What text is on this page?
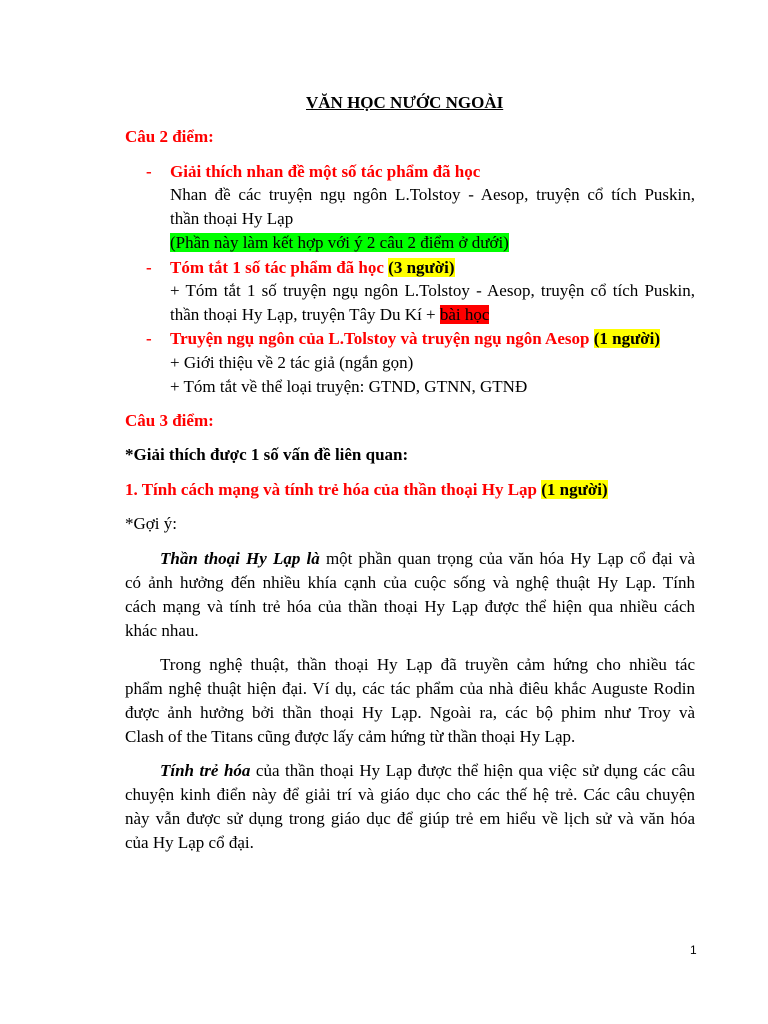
VĂN HỌC NƯỚC NGOÀI
Câu 2 điểm:
- Giải thích nhan đề một số tác phẩm đã học
Nhan đề các truyện ngụ ngôn L.Tolstoy - Aesop, truyện cổ tích Puskin,
thần thoại Hy Lạp
(Phần này làm kết hợp với ý 2 câu 2 điểm ở dưới)
- Tóm tắt 1 số tác phẩm đã học (3 người)
+ Tóm tắt 1 số truyện ngụ ngôn L.Tolstoy - Aesop, truyện cổ tích Puskin,
thần thoại Hy Lạp, truyện Tây Du Kí + bài học
- Truyện ngụ ngôn của L.Tolstoy và truyện ngụ ngôn Aesop (1 người)
+ Giới thiệu về 2 tác giả (ngắn gọn)
+ Tóm tắt về thể loại truyện: GTND, GTNN, GTNĐ
Câu 3 điểm:
*Giải thích được 1 số vấn đề liên quan:
1. Tính cách mạng và tính trẻ hóa của thần thoại Hy Lạp (1 người)
*Gợi ý:
Thần thoại Hy Lạp là một phần quan trọng của văn hóa Hy Lạp cổ đại và
có ảnh hưởng đến nhiều khía cạnh của cuộc sống và nghệ thuật Hy Lạp. Tính
cách mạng và tính trẻ hóa của thần thoại Hy Lạp được thể hiện qua nhiều cách
khác nhau.
Trong nghệ thuật, thần thoại Hy Lạp đã truyền cảm hứng cho nhiều tác
phẩm nghệ thuật hiện đại. Ví dụ, các tác phẩm của nhà điêu khắc Auguste Rodin
được ảnh hưởng bởi thần thoại Hy Lạp. Ngoài ra, các bộ phim như Troy và
Clash of the Titans cũng được lấy cảm hứng từ thần thoại Hy Lạp.
Tính trẻ hóa của thần thoại Hy Lạp được thể hiện qua việc sử dụng các câu
chuyện kinh điển này để giải trí và giáo dục cho các thế hệ trẻ. Các câu chuyện
này vẫn được sử dụng trong giáo dục để giúp trẻ em hiểu về lịch sử và văn hóa
của Hy Lạp cổ đại.
1
